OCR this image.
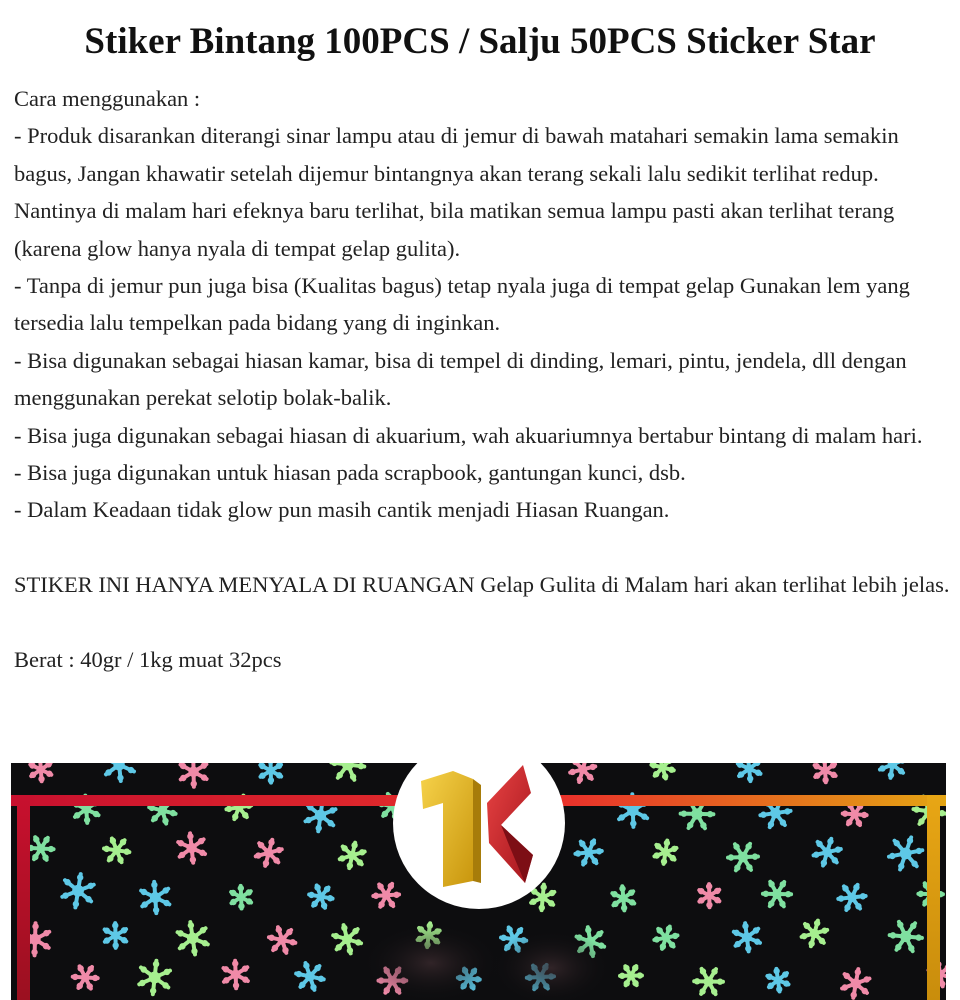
Stiker Bintang 100PCS / Salju 50PCS Sticker Star

Cara menggunakan :

- Produk disarankan diterangi sinar lampu atau di jemur di bawah matahari semakin lama semakin bagus, Jangan khawatir setelah dijemur bintangnya akan terang sekali lalu sedikit terlihat redup. Nantinya di malam hari efeknya baru terlihat, bila matikan semua lampu pasti akan terlihat terang (karena glow hanya nyala di tempat gelap gulita).

- Tanpa di jemur pun juga bisa (Kualitas bagus) tetap nyala juga di tempat gelap Gunakan lem yang tersedia lalu tempelkan pada bidang yang di inginkan.

- Bisa digunakan sebagai hiasan kamar, bisa di tempel di dinding, lemari, pintu, jendela, dll dengan menggunakan perekat selotip bolak-balik.

- Bisa juga digunakan sebagai hiasan di akuarium, wah akuariumnya bertabur bintang di malam hari.

- Bisa juga digunakan untuk hiasan pada scrapbook, gantungan kunci, dsb.

- Dalam Keadaan tidak glow pun masih cantik menjadi Hiasan Ruangan.

STIKER INI HANYA MENYALA DI RUANGAN Gelap Gulita di Malam hari akan terlihat lebih jelas.

Berat : 40gr / 1kg muat 32pcs
